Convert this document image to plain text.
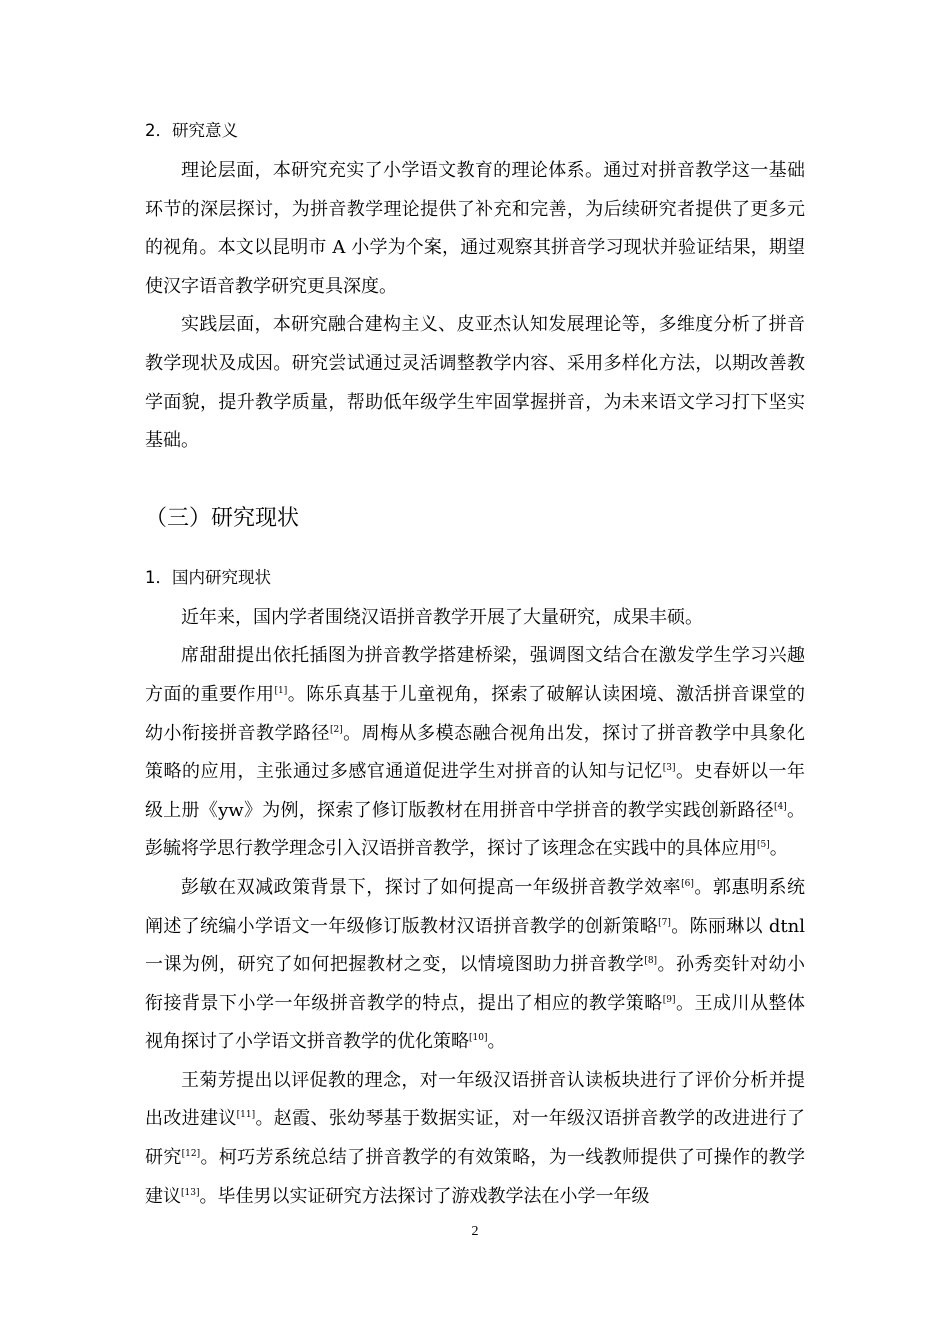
2．研究意义

理论层面，本研究充实了小学语文教育的理论体系。通过对拼音教学这一基础环节的深层探讨，为拼音教学理论提供了补充和完善，为后续研究者提供了更多元的视角。本文以昆明市 A 小学为个案，通过观察其拼音学习现状并验证结果，期望使汉字语音教学研究更具深度。

实践层面，本研究融合建构主义、皮亚杰认知发展理论等，多维度分析了拼音教学现状及成因。研究尝试通过灵活调整教学内容、采用多样化方法，以期改善教学面貌，提升教学质量，帮助低年级学生牢固掌握拼音，为未来语文学习打下坚实基础。

（三）研究现状
1．国内研究现状

近年来，国内学者围绕汉语拼音教学开展了大量研究，成果丰硕。

席甜甜提出依托插图为拼音教学搭建桥梁，强调图文结合在激发学生学习兴趣方面的重要作用[1]。陈乐真基于儿童视角，探索了破解认读困境、激活拼音课堂的幼小衔接拼音教学路径[2]。周梅从多模态融合视角出发，探讨了拼音教学中具象化策略的应用，主张通过多感官通道促进学生对拼音的认知与记忆[3]。史春妍以一年级上册《yw》为例，探索了修订版教材在用拼音中学拼音的教学实践创新路径[4]。彭毓将学思行教学理念引入汉语拼音教学，探讨了该理念在实践中的具体应用[5]。

彭敏在双减政策背景下，探讨了如何提高一年级拼音教学效率[6]。郭惠明系统阐述了统编小学语文一年级修订版教材汉语拼音教学的创新策略[7]。陈丽琳以 dtnl 一课为例，研究了如何把握教材之变，以情境图助力拼音教学[8]。孙秀奕针对幼小衔接背景下小学一年级拼音教学的特点，提出了相应的教学策略[9]。王成川从整体视角探讨了小学语文拼音教学的优化策略[10]。

王菊芳提出以评促教的理念，对一年级汉语拼音认读板块进行了评价分析并提出改进建议[11]。赵霞、张幼琴基于数据实证，对一年级汉语拼音教学的改进进行了研究[12]。柯巧芳系统总结了拼音教学的有效策略，为一线教师提供了可操作的教学建议[13]。毕佳男以实证研究方法探讨了游戏教学法在小学一年级

2
